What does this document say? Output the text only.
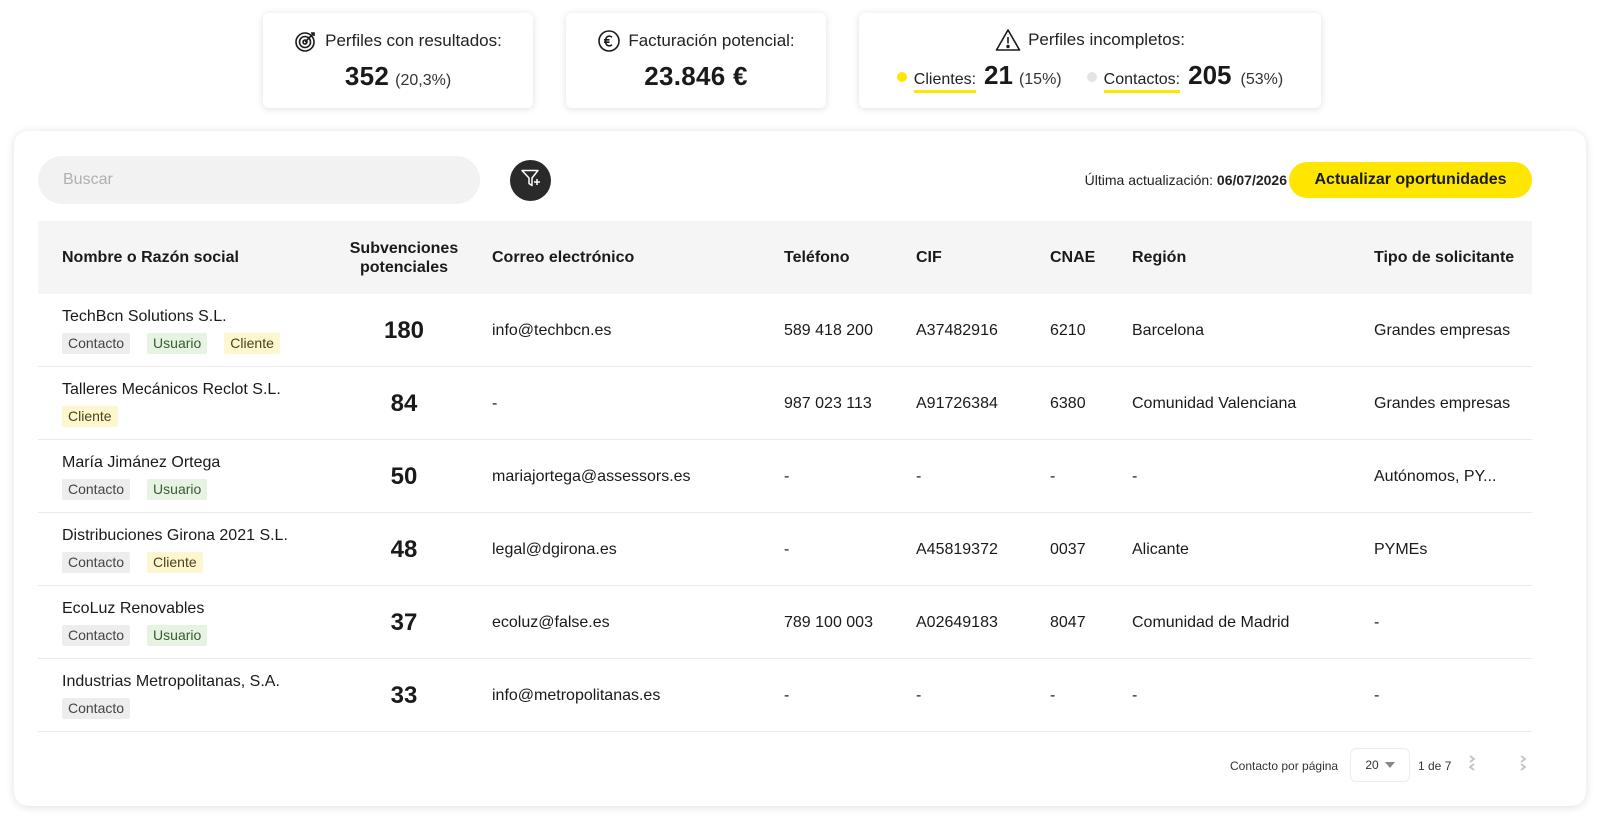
Perfiles con resultados:
352 (20,3%)
Facturación potencial:
23.846 €
Perfiles incompletos:
Clientes: 21 (15%)	Contactos: 205 (53%)
Buscar
Última actualización: 06/07/2026	Actualizar oportunidades
Nombre o Razón social
Subvenciones potenciales
Correo electrónico	Teléfono	CIF	CNAE	Región	Tipo de solicitante
TechBcn Solutions S.L.
Contacto	Usuario	Cliente	180	info@techbcn.es	589 418 200	A37482916	6210	Barcelona	Grandes empresas
Talleres Mecánicos Reclot S.L.
Cliente	84	-	987 023 113	A91726384	6380	Comunidad Valenciana	Grandes empresas
María Jimánez Ortega
Contacto	Usuario	50	mariajortega@assessors.es	-	-	-	-	Autónomos, PY...
Distribuciones Girona 2021 S.L.
Contacto	Cliente	48	legal@dgirona.es	-	A45819372	0037	Alicante	PYMEs
EcoLuz Renovables
Contacto	Usuario	37	ecoluz@false.es	789 100 003	A02649183	8047	Comunidad de Madrid	-
Industrias Metropolitanas, S.A.
Contacto	33	info@metropolitanas.es	-	-	-	-	-
Contacto por página 20	1 de 7
